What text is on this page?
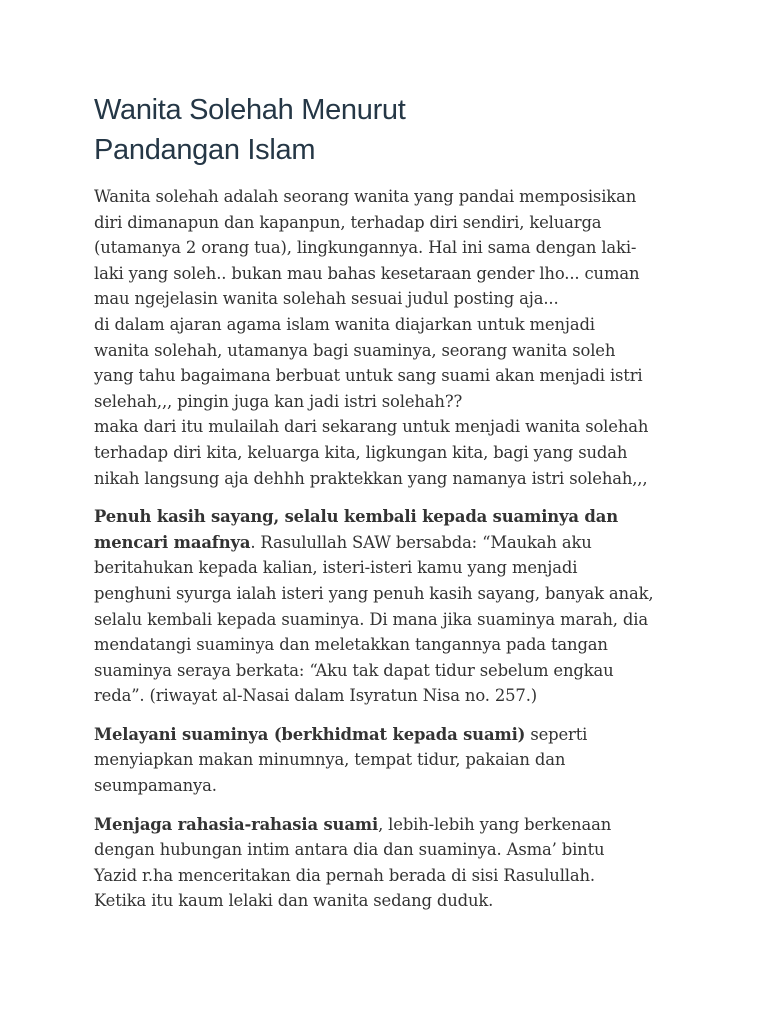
Wanita Solehah Menurut
Pandangan Islam

Wanita solehah adalah seorang wanita yang pandai memposisikan
diri dimanapun dan kapanpun, terhadap diri sendiri, keluarga
(utamanya 2 orang tua), lingkungannya. Hal ini sama dengan laki-
laki yang soleh.. bukan mau bahas kesetaraan gender lho... cuman
mau ngejelasin wanita solehah sesuai judul posting aja...
di dalam ajaran agama islam wanita diajarkan untuk menjadi
wanita solehah, utamanya bagi suaminya, seorang wanita soleh
yang tahu bagaimana berbuat untuk sang suami akan menjadi istri
selehah,,, pingin juga kan jadi istri solehah??
maka dari itu mulailah dari sekarang untuk menjadi wanita solehah
terhadap diri kita, keluarga kita, ligkungan kita, bagi yang sudah
nikah langsung aja dehhh praktekkan yang namanya istri solehah,,,

Penuh kasih sayang, selalu kembali kepada suaminya dan
mencari maafnya. Rasulullah SAW bersabda: “Maukah aku
beritahukan kepada kalian, isteri-isteri kamu yang menjadi
penghuni syurga ialah isteri yang penuh kasih sayang, banyak anak,
selalu kembali kepada suaminya. Di mana jika suaminya marah, dia
mendatangi suaminya dan meletakkan tangannya pada tangan
suaminya seraya berkata: “Aku tak dapat tidur sebelum engkau
reda”. (riwayat al-Nasai dalam Isyratun Nisa no. 257.)

Melayani suaminya (berkhidmat kepada suami) seperti
menyiapkan makan minumnya, tempat tidur, pakaian dan
seumpamanya.

Menjaga rahasia-rahasia suami, lebih-lebih yang berkenaan
dengan hubungan intim antara dia dan suaminya. Asma’ bintu
Yazid r.ha menceritakan dia pernah berada di sisi Rasulullah.
Ketika itu kaum lelaki dan wanita sedang duduk.
